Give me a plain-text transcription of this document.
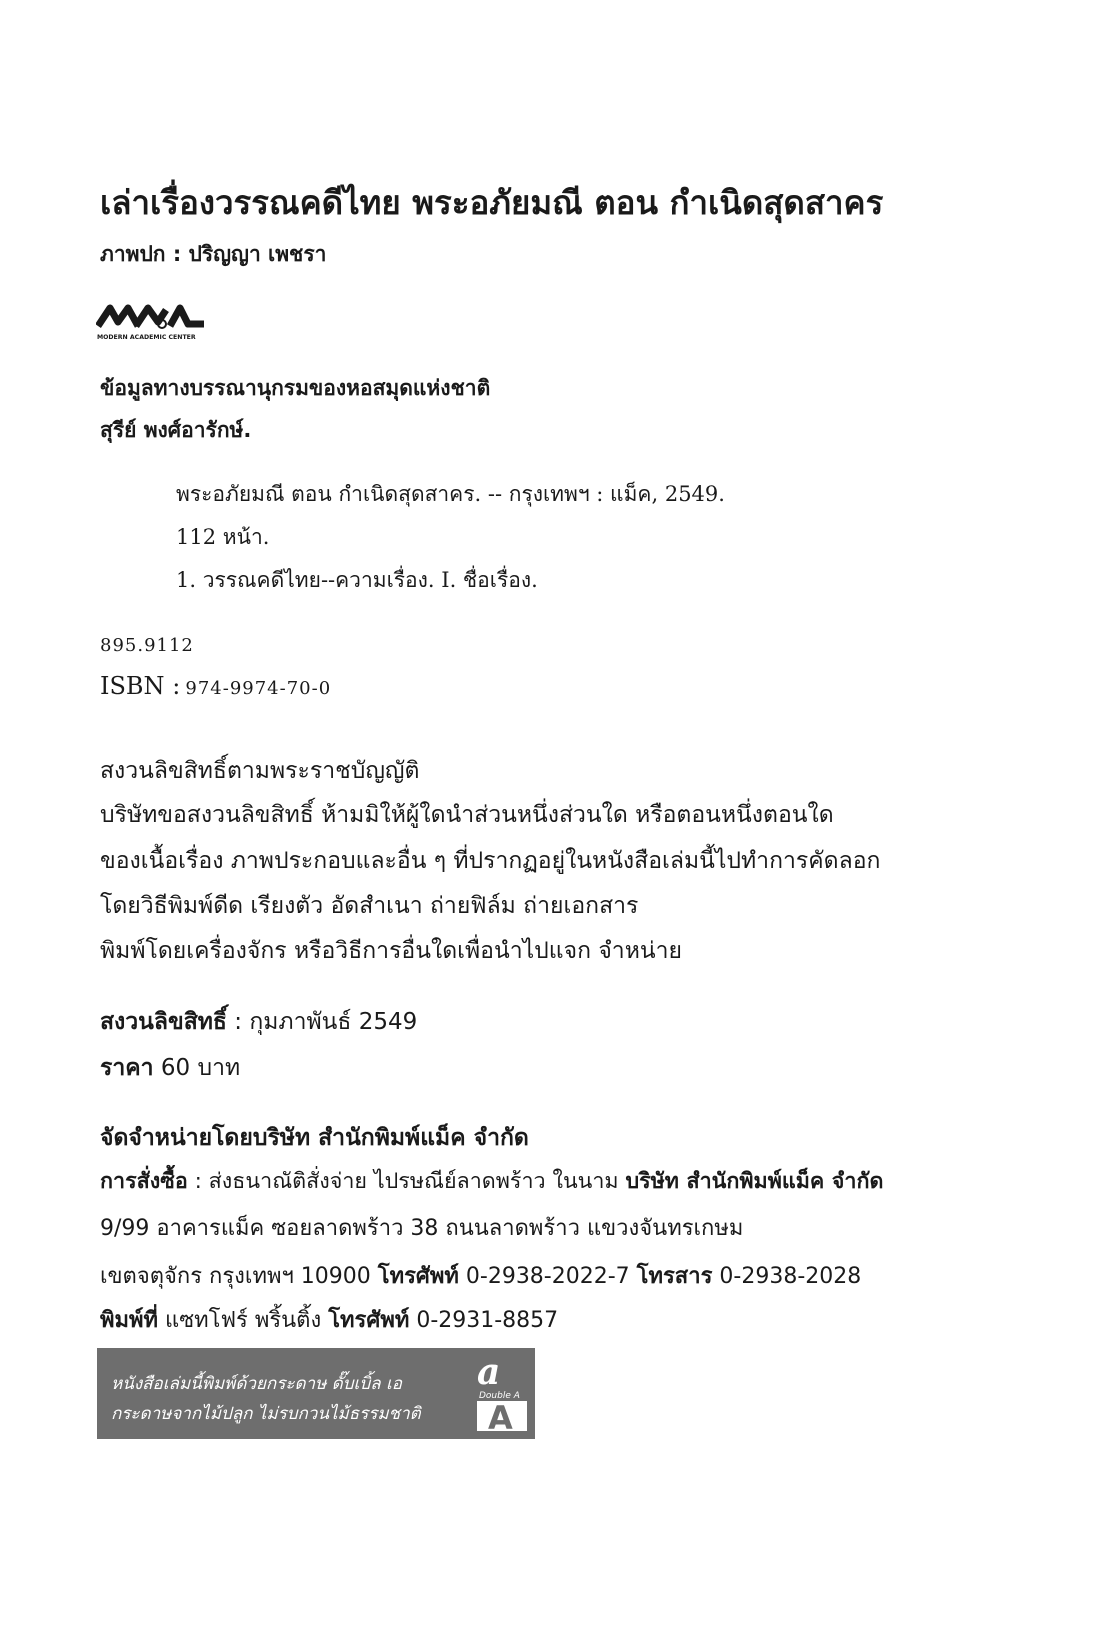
เล่าเรื่องวรรณคดีไทย พระอภัยมณี ตอน กำเนิดสุดสาคร
ภาพปก : ปริญญา เพชรา
MODERN ACADEMIC CENTER
ข้อมูลทางบรรณานุกรมของหอสมุดแห่งชาติ
สุรีย์ พงศ์อารักษ์.
พระอภัยมณี ตอน กำเนิดสุดสาคร. -- กรุงเทพฯ : แม็ค, 2549.
112 หน้า.
1. วรรณคดีไทย--ความเรื่อง. I. ชื่อเรื่อง.
895.9112
ISBN : 974-9974-70-0
สงวนลิขสิทธิ์ตามพระราชบัญญัติ
บริษัทขอสงวนลิขสิทธิ์ ห้ามมิให้ผู้ใดนำส่วนหนึ่งส่วนใด หรือตอนหนึ่งตอนใด
ของเนื้อเรื่อง ภาพประกอบและอื่น ๆ ที่ปรากฏอยู่ในหนังสือเล่มนี้ไปทำการคัดลอก
โดยวิธีพิมพ์ดีด เรียงตัว อัดสำเนา ถ่ายฟิล์ม ถ่ายเอกสาร
พิมพ์โดยเครื่องจักร หรือวิธีการอื่นใดเพื่อนำไปแจก จำหน่าย
สงวนลิขสิทธิ์ : กุมภาพันธ์ 2549
ราคา 60 บาท
จัดจำหน่ายโดยบริษัท สำนักพิมพ์แม็ค จำกัด
การสั่งซื้อ : ส่งธนาณัติสั่งจ่าย ไปรษณีย์ลาดพร้าว ในนาม บริษัท สำนักพิมพ์แม็ค จำกัด
9/99 อาคารแม็ค ซอยลาดพร้าว 38 ถนนลาดพร้าว แขวงจันทรเกษม
เขตจตุจักร กรุงเทพฯ 10900 โทรศัพท์ 0-2938-2022-7 โทรสาร 0-2938-2028
พิมพ์ที่ แซทโฟร์ พริ้นติ้ง โทรศัพท์ 0-2931-8857
หนังสือเล่มนี้พิมพ์ด้วยกระดาษ ดั๊บเบิ้ล เอ
กระดาษจากไม้ปลูก ไม่รบกวนไม้ธรรมชาติ
a
Double A
A
